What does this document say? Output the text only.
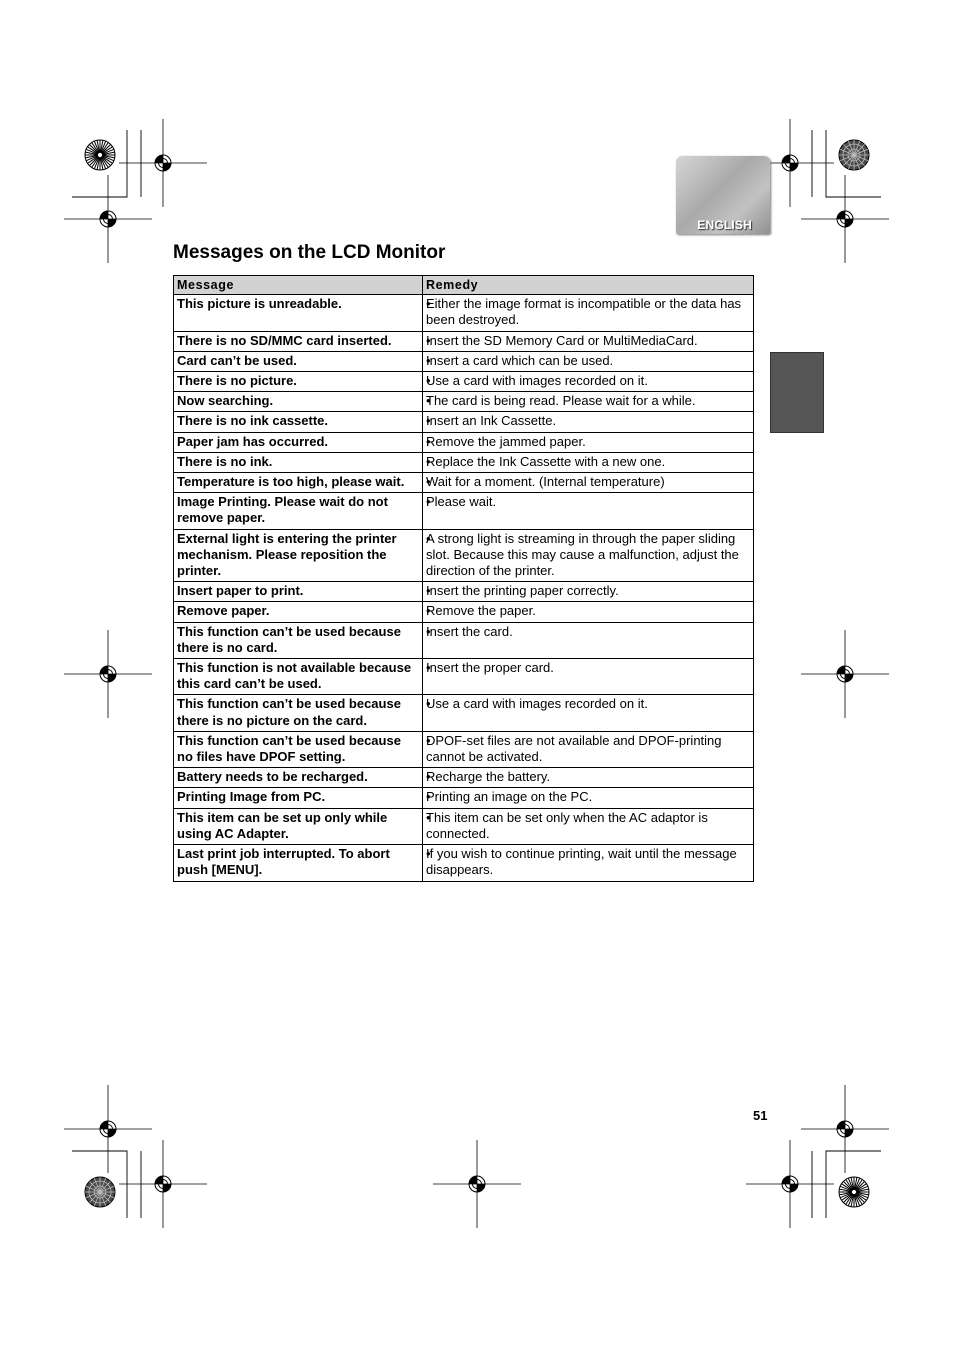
ENGLISH
Messages on the LCD Monitor
Message	Remedy
This picture is unreadable.	• Either the image format is incompatible or the data has been destroyed.
There is no SD/MMC card inserted.	• Insert the SD Memory Card or MultiMediaCard.
Card can’t be used.	• Insert a card which can be used.
There is no picture.	• Use a card with images recorded on it.
Now searching.	• The card is being read. Please wait for a while.
There is no ink cassette.	• Insert an Ink Cassette.
Paper jam has occurred.	• Remove the jammed paper.
There is no ink.	• Replace the Ink Cassette with a new one.
Temperature is too high, please wait.	• Wait for a moment. (Internal temperature)
Image Printing. Please wait do not remove paper.	• Please wait.
External light is entering the printer mechanism. Please reposition the printer.	• A strong light is streaming in through the paper sliding slot. Because this may cause a malfunction, adjust the direction of the printer.
Insert paper to print.	• Insert the printing paper correctly.
Remove paper.	• Remove the paper.
This function can’t be used because there is no card.	• Insert the card.
This function is not available because this card can’t be used.	• Insert the proper card.
This function can’t be used because there is no picture on the card.	• Use a card with images recorded on it.
This function can’t be used because no files have DPOF setting.	• DPOF-set files are not available and DPOF-printing cannot be activated.
Battery needs to be recharged.	• Recharge the battery.
Printing Image from PC.	• Printing an image on the PC.
This item can be set up only while using AC Adapter.	• This item can be set only when the AC adaptor is connected.
Last print job interrupted. To abort push [MENU].	• If you wish to continue printing, wait until the message disappears.
51
